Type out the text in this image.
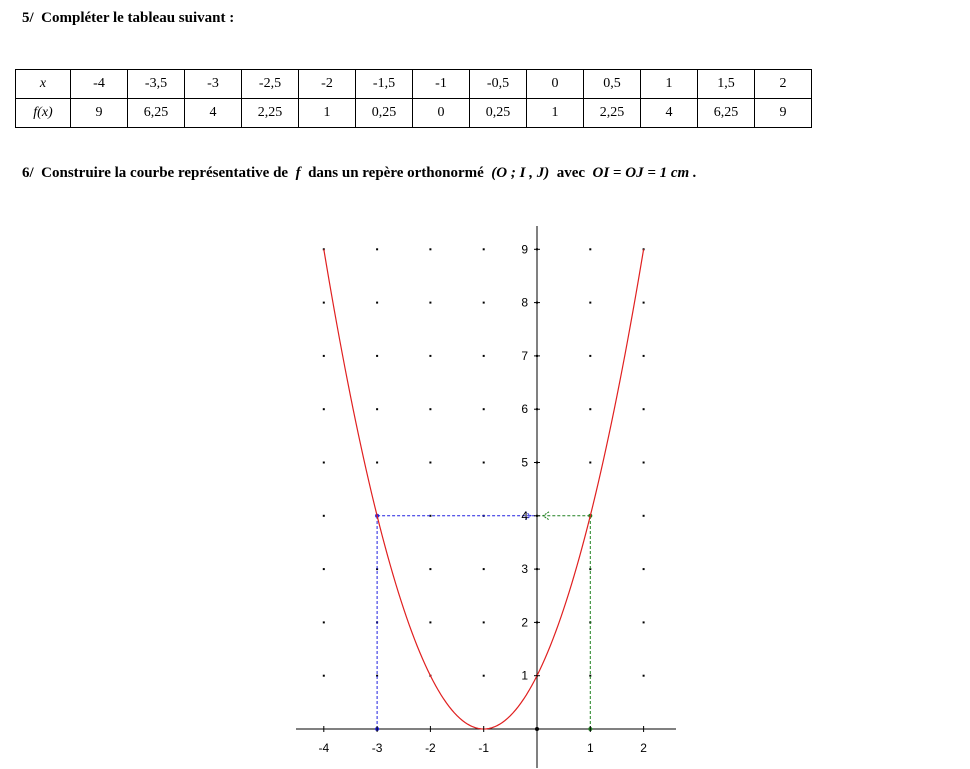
5/ Compléter le tableau suivant :
x	-4	-3,5	-3	-2,5	-2	-1,5	-1	-0,5	0	0,5	1	1,5	2
f(x)	9	6,25	4	2,25	1	0,25	0	0,25	1	2,25	4	6,25	9
6/ Construire la courbe représentative de f dans un repère orthonormé (O ; I , J) avec OI = OJ = 1 cm .
-4	-3	-2	-1	1	2
1
2
3
4
5
6
7
8
9
